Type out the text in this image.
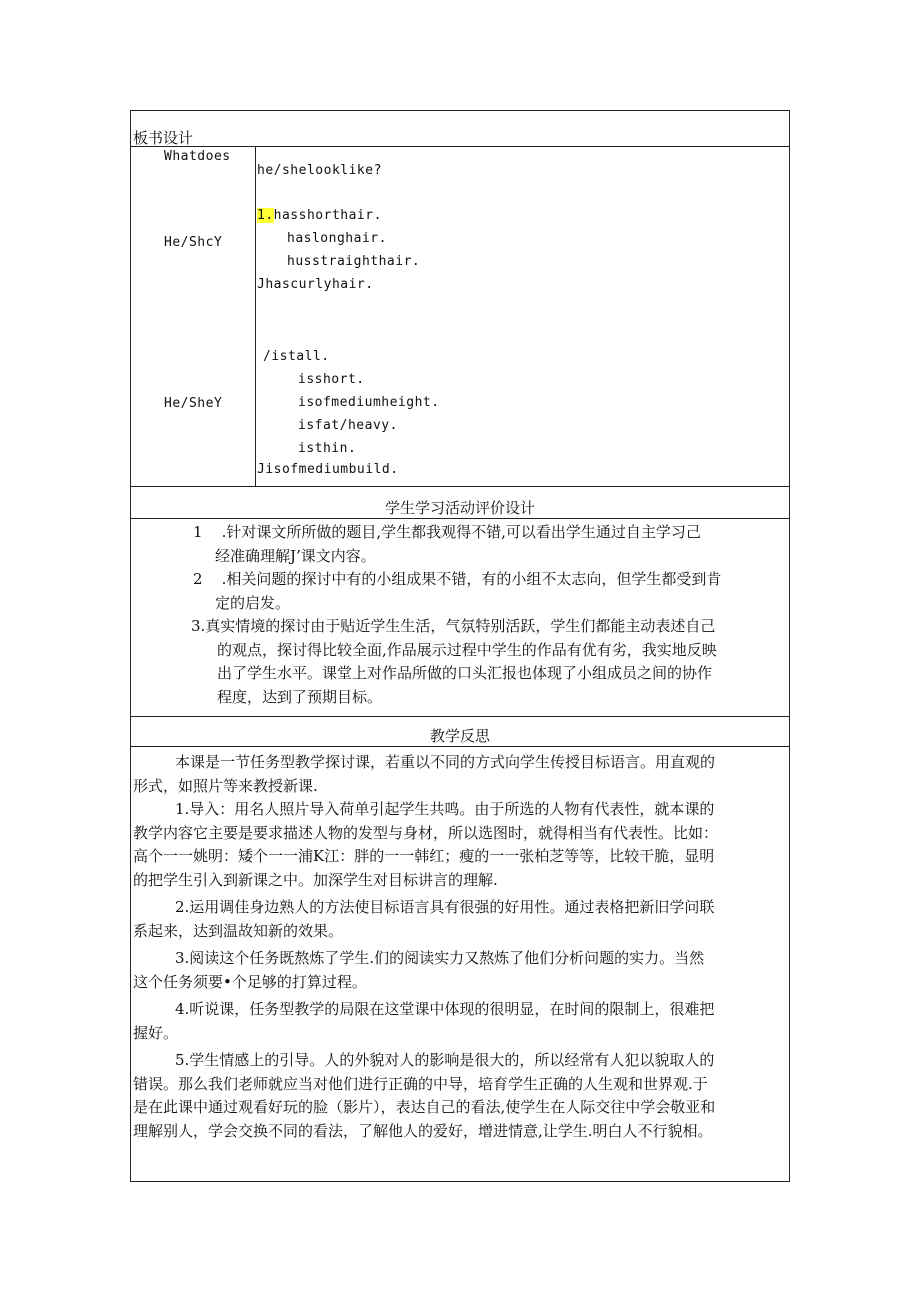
板书设计
Whatdoes
he/shelooklike?
He/ShcY
1.hasshorthair.
haslonghair.
husstraighthair.
Jhascurlyhair.
He/SheY
/istall.
isshort.
isofmediumheight.
isfat/heavy.
isthin.
Jisofmediumbuild.
学生学习活动评价设计

1    .针对课文所所做的题目,学生都我观得不错,可以看出学生通过自主学习己
经准确理解J’课文内容。

2    .相关问题的探讨中有的小组成果不错，有的小组不太志向，但学生都受到肯
定的启发。

3.真实情境的探讨由于贴近学生生活，气氛特别活跃，学生们都能主动表述自己
的观点，探讨得比较全面,作品展示过程中学生的作品有优有劣，我实地反映
出了学生水平。课堂上对作品所做的口头汇报也体现了小组成员之间的协作
程度，达到了预期目标。

教学反思

本课是一节任务型教学探讨课，若重以不同的方式向学生传授目标语言。用直观的
形式，如照片等来教授新课.

1.导入：用名人照片导入荷单引起学生共鸣。由于所选的人物有代表性，就本课的
教学内容它主要是要求描述人物的发型与身材，所以选图时，就得相当有代表性。比如：
高个一一姚明：矮个一一浦K江：胖的一一韩红；瘦的一一张柏芝等等，比较干脆，显明
的把学生引入到新课之中。加深学生对目标讲言的理解.

2.运用调佳身边熟人的方法使目标语言具有很强的好用性。通过表格把新旧学问联
系起来，达到温故知新的效果。

3.阅读这个任务既熬炼了学生.们的阅读实力又熬炼了他们分析问题的实力。当然
这个任务须要•个足够的打算过程。

4.听说课，任务型教学的局限在这堂课中体现的很明显，在时间的限制上，很难把
握好。

5.学生情感上的引导。人的外貌对人的影响是很大的，所以经常有人犯以貌取人的
错误。那么我们老师就应当对他们进行正确的中导，培育学生正确的人生观和世界观.于
是在此课中通过观看好玩的脸（影片），表达自己的看法,使学生在人际交往中学会敬亚和
理解别人，学会交换不同的看法，了解他人的爱好，增进情意,让学生.明白人不行貌相。
